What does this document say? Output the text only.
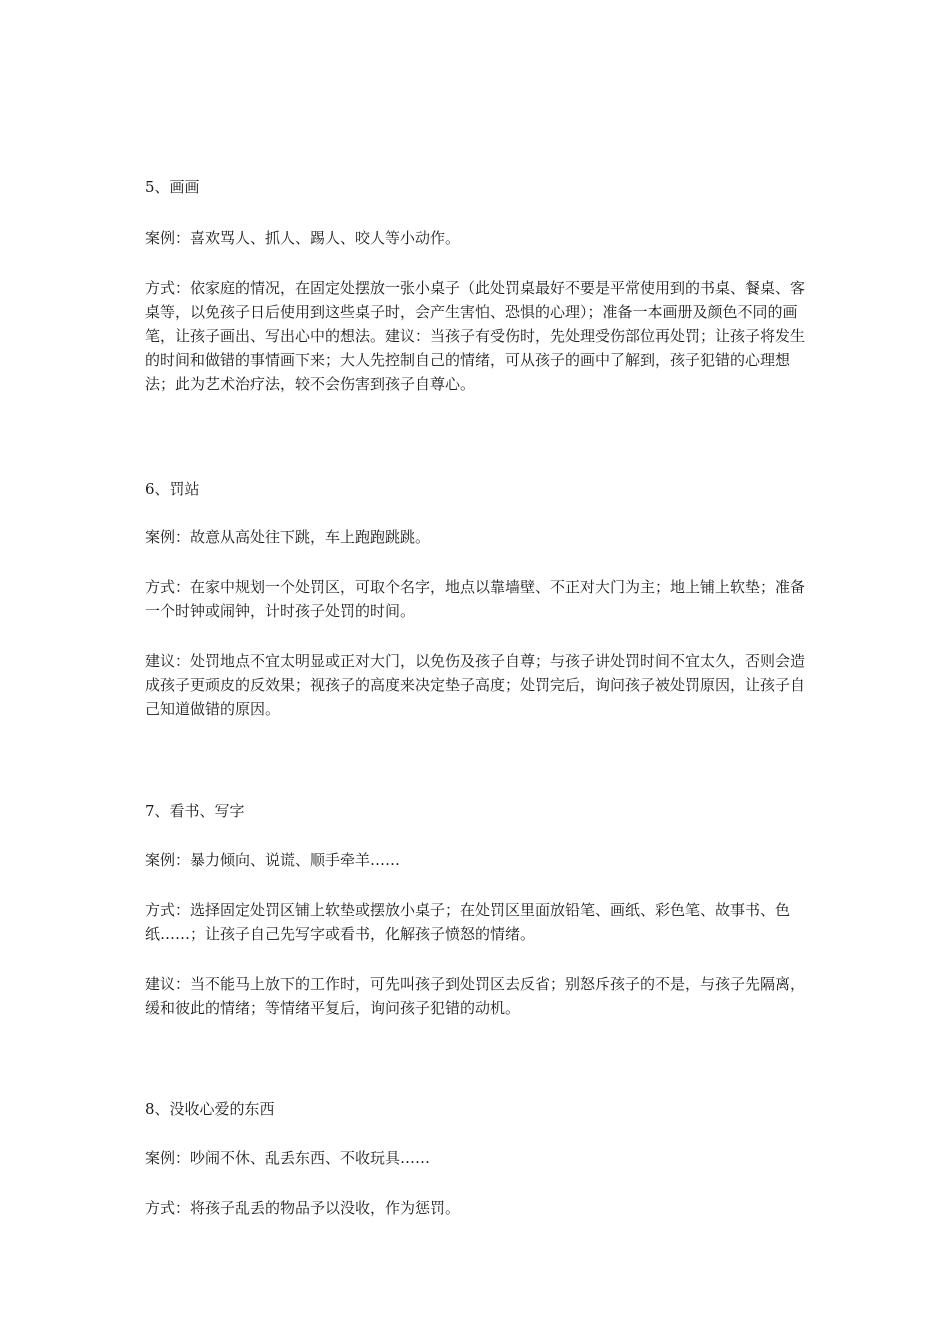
5、画画

案例：喜欢骂人、抓人、踢人、咬人等小动作。

方式：依家庭的情况，在固定处摆放一张小桌子（此处罚桌最好不要是平常使用到的书桌、餐桌、客桌等，以免孩子日后使用到这些桌子时，会产生害怕、恐惧的心理）；准备一本画册及颜色不同的画笔，让孩子画出、写出心中的想法。建议：当孩子有受伤时，先处理受伤部位再处罚；让孩子将发生的时间和做错的事情画下来；大人先控制自己的情绪，可从孩子的画中了解到，孩子犯错的心理想法；此为艺术治疗法，较不会伤害到孩子自尊心。

6、罚站

案例：故意从高处往下跳，车上跑跑跳跳。

方式：在家中规划一个处罚区，可取个名字，地点以靠墙壁、不正对大门为主；地上铺上软垫；准备一个时钟或闹钟，计时孩子处罚的时间。

建议：处罚地点不宜太明显或正对大门，以免伤及孩子自尊；与孩子讲处罚时间不宜太久，否则会造成孩子更顽皮的反效果；视孩子的高度来决定垫子高度；处罚完后，询问孩子被处罚原因，让孩子自己知道做错的原因。

7、看书、写字

案例：暴力倾向、说谎、顺手牵羊……

方式：选择固定处罚区铺上软垫或摆放小桌子；在处罚区里面放铅笔、画纸、彩色笔、故事书、色纸……；让孩子自己先写字或看书，化解孩子愤怒的情绪。

建议：当不能马上放下的工作时，可先叫孩子到处罚区去反省；别怒斥孩子的不是，与孩子先隔离，缓和彼此的情绪；等情绪平复后，询问孩子犯错的动机。

8、没收心爱的东西

案例：吵闹不休、乱丢东西、不收玩具……

方式：将孩子乱丢的物品予以没收，作为惩罚。
